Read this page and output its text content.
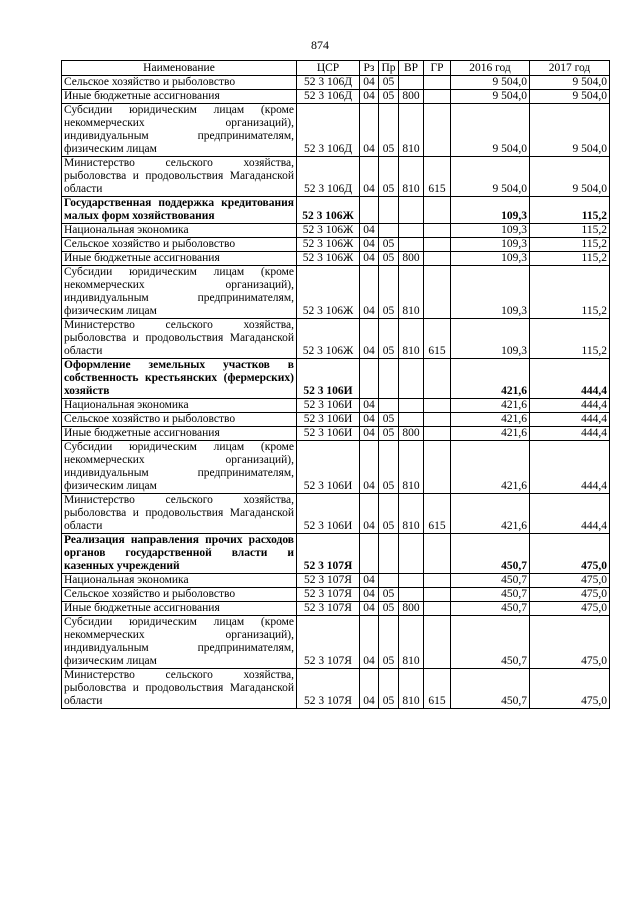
874
Наименование	ЦСР	Рз	Пр	ВР	ГР	2016 год	2017 год
Сельское хозяйство и рыболовство	52 3 106Д	04	05			9 504,0	9 504,0
Иные бюджетные ассигнования	52 3 106Д	04	05	800		9 504,0	9 504,0
Субсидии юридическим лицам (кроме некоммерческих организаций), индивидуальным предпринимателям, физическим лицам	52 3 106Д	04	05	810		9 504,0	9 504,0
Министерство сельского хозяйства, рыболовства и продовольствия Магаданской области	52 3 106Д	04	05	810	615	9 504,0	9 504,0
Государственная поддержка кредитования малых форм хозяйствования	52 3 106Ж					109,3	115,2
Национальная экономика	52 3 106Ж	04				109,3	115,2
Сельское хозяйство и рыболовство	52 3 106Ж	04	05			109,3	115,2
Иные бюджетные ассигнования	52 3 106Ж	04	05	800		109,3	115,2
Субсидии юридическим лицам (кроме некоммерческих организаций), индивидуальным предпринимателям, физическим лицам	52 3 106Ж	04	05	810		109,3	115,2
Министерство сельского хозяйства, рыболовства и продовольствия Магаданской области	52 3 106Ж	04	05	810	615	109,3	115,2
Оформление земельных участков в собственность крестьянских (фермерских) хозяйств	52 3 106И					421,6	444,4
Национальная экономика	52 3 106И	04				421,6	444,4
Сельское хозяйство и рыболовство	52 3 106И	04	05			421,6	444,4
Иные бюджетные ассигнования	52 3 106И	04	05	800		421,6	444,4
Субсидии юридическим лицам (кроме некоммерческих организаций), индивидуальным предпринимателям, физическим лицам	52 3 106И	04	05	810		421,6	444,4
Министерство сельского хозяйства, рыболовства и продовольствия Магаданской области	52 3 106И	04	05	810	615	421,6	444,4
Реализация направления прочих расходов органов государственной власти и казенных учреждений	52 3 107Я					450,7	475,0
Национальная экономика	52 3 107Я	04				450,7	475,0
Сельское хозяйство и рыболовство	52 3 107Я	04	05			450,7	475,0
Иные бюджетные ассигнования	52 3 107Я	04	05	800		450,7	475,0
Субсидии юридическим лицам (кроме некоммерческих организаций), индивидуальным предпринимателям, физическим лицам	52 3 107Я	04	05	810		450,7	475,0
Министерство сельского хозяйства, рыболовства и продовольствия Магаданской области	52 3 107Я	04	05	810	615	450,7	475,0
